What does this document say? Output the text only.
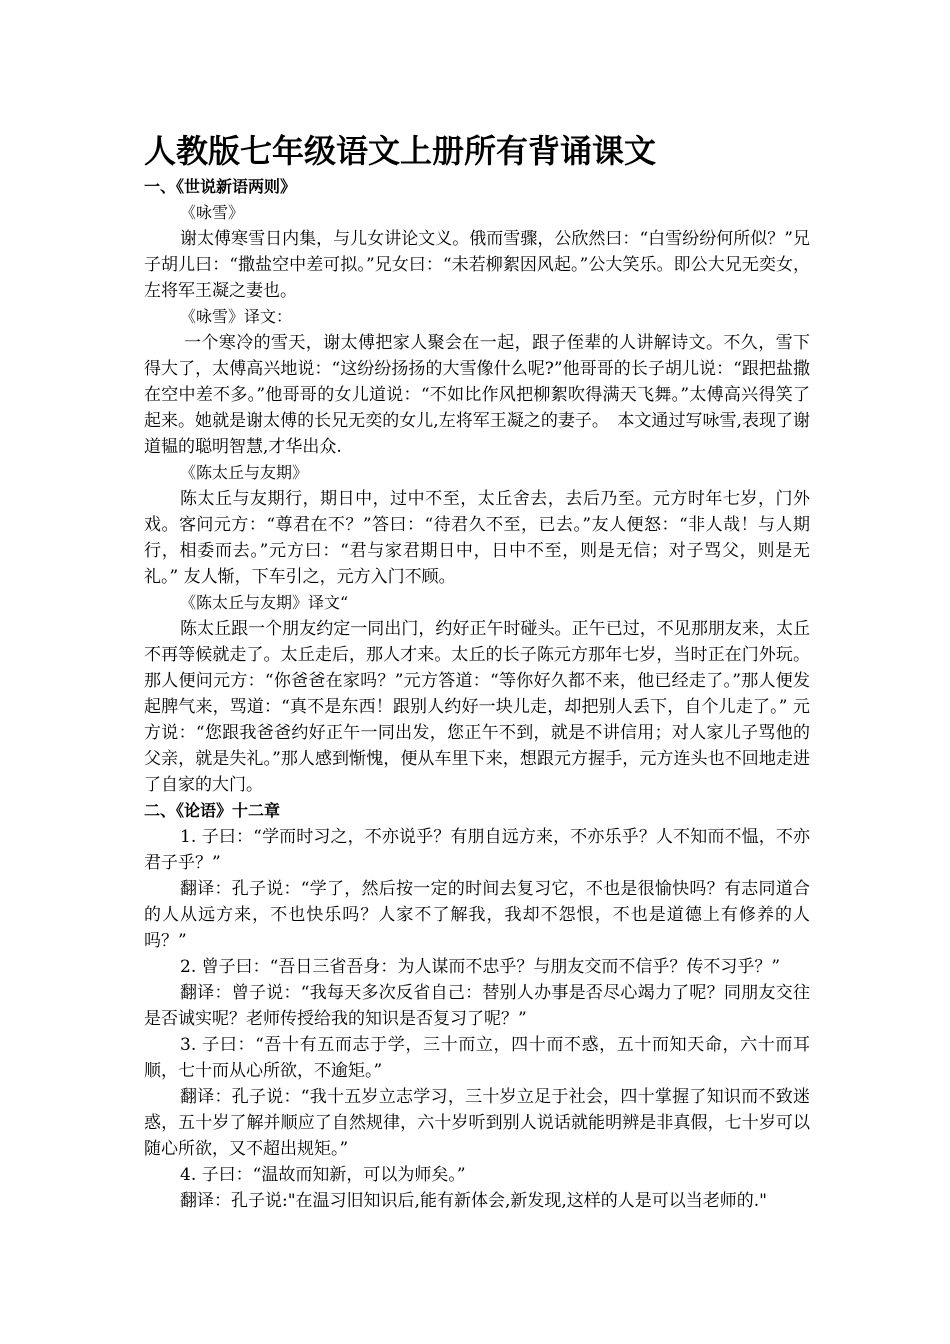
人教版七年级语文上册所有背诵课文

一、《世说新语两则》

《咏雪》

谢太傅寒雪日内集，与儿女讲论文义。俄而雪骤，公欣然曰：“白雪纷纷何所似？”兄子胡儿曰：“撒盐空中差可拟。”兄女曰：“未若柳絮因风起。”公大笑乐。即公大兄无奕女，左将军王凝之妻也。

《咏雪》译文：

一个寒冷的雪天，谢太傅把家人聚会在一起，跟子侄辈的人讲解诗文。不久，雪下得大了，太傅高兴地说：“这纷纷扬扬的大雪像什么呢?”他哥哥的长子胡儿说：“跟把盐撒在空中差不多。”他哥哥的女儿道说：“不如比作风把柳絮吹得满天飞舞。”太傅高兴得笑了起来。她就是谢太傅的长兄无奕的女儿,左将军王凝之的妻子。　本文通过写咏雪,表现了谢道韫的聪明智慧,才华出众.

《陈太丘与友期》

陈太丘与友期行，期日中，过中不至，太丘舍去，去后乃至。元方时年七岁，门外戏。客问元方：“尊君在不？”答曰：“待君久不至，已去。”友人便怒：“非人哉！与人期行，相委而去。”元方曰：“君与家君期日中，日中不至，则是无信；对子骂父，则是无礼。” 友人惭，下车引之，元方入门不顾。

《陈太丘与友期》译文“

陈太丘跟一个朋友约定一同出门，约好正午时碰头。正午已过，不见那朋友来，太丘不再等候就走了。太丘走后，那人才来。太丘的长子陈元方那年七岁，当时正在门外玩。那人便问元方：“你爸爸在家吗？”元方答道：“等你好久都不来，他已经走了。”那人便发起脾气来，骂道：“真不是东西！跟别人约好一块儿走，却把别人丢下，自个儿走了。” 元方说：“您跟我爸爸约好正午一同出发，您正午不到，就是不讲信用；对人家儿子骂他的父亲，就是失礼。”那人感到惭愧，便从车里下来，想跟元方握手，元方连头也不回地走进了自家的大门。

二、《论语》十二章

1. 子曰：“学而时习之，不亦说乎？有朋自远方来，不亦乐乎？人不知而不愠，不亦君子乎？”

翻译：孔子说：“学了，然后按一定的时间去复习它，不也是很愉快吗？有志同道合的人从远方来，不也快乐吗？人家不了解我，我却不怨恨，不也是道德上有修养的人吗？”

2. 曾子曰：“吾日三省吾身：为人谋而不忠乎？与朋友交而不信乎？传不习乎？”

翻译：曾子说：“我每天多次反省自己：替别人办事是否尽心竭力了呢？同朋友交往是否诚实呢？老师传授给我的知识是否复习了呢？”

3. 子曰：“吾十有五而志于学，三十而立，四十而不惑，五十而知天命，六十而耳顺，七十而从心所欲，不逾矩。”

翻译：孔子说：“我十五岁立志学习，三十岁立足于社会，四十掌握了知识而不致迷惑，五十岁了解并顺应了自然规律，六十岁听到别人说话就能明辨是非真假，七十岁可以随心所欲，又不超出规矩。”

4. 子曰：“温故而知新，可以为师矣。”

翻译：孔子说:"在温习旧知识后,能有新体会,新发现,这样的人是可以当老师的."
